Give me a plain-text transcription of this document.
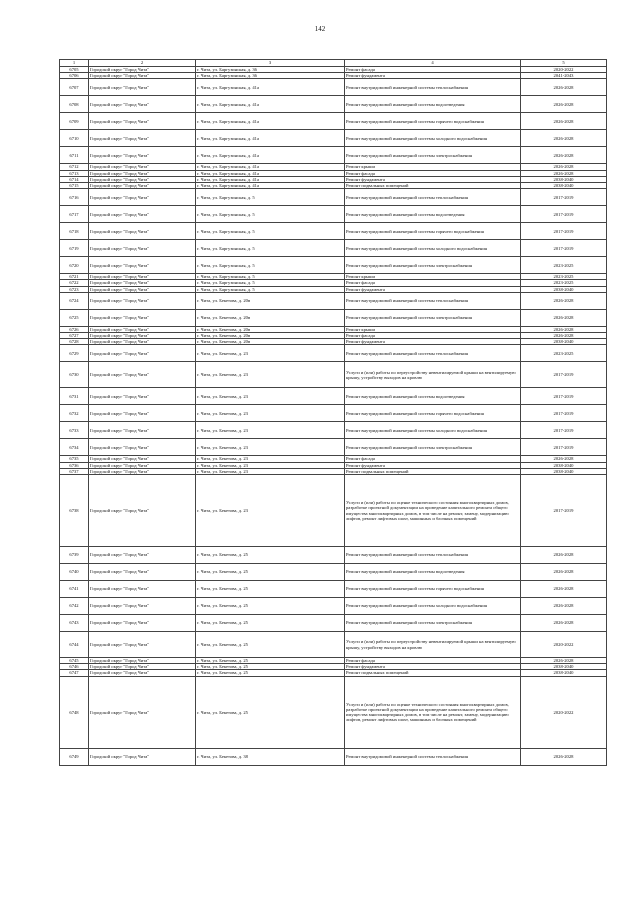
142
1	2	3	4	5
6705	Городской округ "Город Чита"	г. Чита, ул. Баргузинская, д. 36	Ремонт фасада	2020-2022
6706	Городской округ "Город Чита"	г. Чита, ул. Баргузинская, д. 36	Ремонт фундамента	2041-2043
6707	Городской округ "Город Чита"	г. Чита, ул. Баргузинская, д. 41а	Ремонт внутридомовой инженерной системы теплоснабжения	2026-2028
6708	Городской округ "Город Чита"	г. Чита, ул. Баргузинская, д. 41а	Ремонт внутридомовой инженерной системы водоотведения	2026-2028
6709	Городской округ "Город Чита"	г. Чита, ул. Баргузинская, д. 41а	Ремонт внутридомовой инженерной системы горячего водоснабжения	2026-2028
6710	Городской округ "Город Чита"	г. Чита, ул. Баргузинская, д. 41а	Ремонт внутридомовой инженерной системы холодного водоснабжения	2026-2028
6711	Городской округ "Город Чита"	г. Чита, ул. Баргузинская, д. 41а	Ремонт внутридомовой инженерной системы электроснабжения	2026-2028
6712	Городской округ "Город Чита"	г. Чита, ул. Баргузинская, д. 41а	Ремонт крыши	2026-2028
6713	Городской округ "Город Чита"	г. Чита, ул. Баргузинская, д. 41а	Ремонт фасада	2026-2028
6714	Городской округ "Город Чита"	г. Чита, ул. Баргузинская, д. 41а	Ремонт фундамента	2038-2040
6715	Городской округ "Город Чита"	г. Чита, ул. Баргузинская, д. 41а	Ремонт подвальных помещений	2038-2040
6716	Городской округ "Город Чита"	г. Чита, ул. Баргузинская, д. 5	Ремонт внутридомовой инженерной системы теплоснабжения	2017-2019
6717	Городской округ "Город Чита"	г. Чита, ул. Баргузинская, д. 5	Ремонт внутридомовой инженерной системы водоотведения	2017-2019
6718	Городской округ "Город Чита"	г. Чита, ул. Баргузинская, д. 5	Ремонт внутридомовой инженерной системы горячего водоснабжения	2017-2019
6719	Городской округ "Город Чита"	г. Чита, ул. Баргузинская, д. 5	Ремонт внутридомовой инженерной системы холодного водоснабжения	2017-2019
6720	Городской округ "Город Чита"	г. Чита, ул. Баргузинская, д. 5	Ремонт внутридомовой инженерной системы электроснабжения	2023-2025
6721	Городской округ "Город Чита"	г. Чита, ул. Баргузинская, д. 5	Ремонт крыши	2023-2025
6722	Городской округ "Город Чита"	г. Чита, ул. Баргузинская, д. 5	Ремонт фасада	2023-2025
6723	Городской округ "Город Чита"	г. Чита, ул. Баргузинская, д. 5	Ремонт фундамента	2038-2040
6724	Городской округ "Город Чита"	г. Чита, ул. Бекетова, д. 20в	Ремонт внутридомовой инженерной системы теплоснабжения	2026-2028
6725	Городской округ "Город Чита"	г. Чита, ул. Бекетова, д. 20в	Ремонт внутридомовой инженерной системы электроснабжения	2026-2028
6726	Городской округ "Город Чита"	г. Чита, ул. Бекетова, д. 20в	Ремонт крыши	2026-2028
6727	Городской округ "Город Чита"	г. Чита, ул. Бекетова, д. 20в	Ремонт фасада	2026-2028
6728	Городской округ "Город Чита"	г. Чита, ул. Бекетова, д. 20в	Ремонт фундамента	2038-2040
6729	Городской округ "Город Чита"	г. Чита, ул. Бекетова, д. 23	Ремонт внутридомовой инженерной системы теплоснабжения	2023-2025
6730	Городской округ "Город Чита"	г. Чита, ул. Бекетова, д. 23	Услуги и (или) работы по переустройству невентилируемой крыши на вентилируемую крышу, устройству выходов на кровлю	2017-2019
6731	Городской округ "Город Чита"	г. Чита, ул. Бекетова, д. 23	Ремонт внутридомовой инженерной системы водоотведения	2017-2019
6732	Городской округ "Город Чита"	г. Чита, ул. Бекетова, д. 23	Ремонт внутридомовой инженерной системы горячего водоснабжения	2017-2019
6733	Городской округ "Город Чита"	г. Чита, ул. Бекетова, д. 23	Ремонт внутридомовой инженерной системы холодного водоснабжения	2017-2019
6734	Городской округ "Город Чита"	г. Чита, ул. Бекетова, д. 23	Ремонт внутридомовой инженерной системы электроснабжения	2017-2019
6735	Городской округ "Город Чита"	г. Чита, ул. Бекетова, д. 23	Ремонт фасада	2026-2028
6736	Городской округ "Город Чита"	г. Чита, ул. Бекетова, д. 23	Ремонт фундамента	2038-2040
6737	Городской округ "Город Чита"	г. Чита, ул. Бекетова, д. 23	Ремонт подвальных помещений	2038-2040
6738	Городской округ "Город Чита"	г. Чита, ул. Бекетова, д. 23	Услуги и (или) работы по оценке технического состояния многоквартирных домов, разработке проектной документации на проведение капитального ремонта общего имущества многоквартирных домов, в том числе на ремонт, замену, модернизацию лифтов, ремонт лифтовых шахт, машинных и блочных помещений	2017-2019
6739	Городской округ "Город Чита"	г. Чита, ул. Бекетова, д. 25	Ремонт внутридомовой инженерной системы теплоснабжения	2026-2028
6740	Городской округ "Город Чита"	г. Чита, ул. Бекетова, д. 25	Ремонт внутридомовой инженерной системы водоотведения	2026-2028
6741	Городской округ "Город Чита"	г. Чита, ул. Бекетова, д. 25	Ремонт внутридомовой инженерной системы горячего водоснабжения	2026-2028
6742	Городской округ "Город Чита"	г. Чита, ул. Бекетова, д. 25	Ремонт внутридомовой инженерной системы холодного водоснабжения	2026-2028
6743	Городской округ "Город Чита"	г. Чита, ул. Бекетова, д. 25	Ремонт внутридомовой инженерной системы электроснабжения	2026-2028
6744	Городской округ "Город Чита"	г. Чита, ул. Бекетова, д. 25	Услуги и (или) работы по переустройству невентилируемой крыши на вентилируемую крышу, устройству выходов на кровлю	2020-2022
6745	Городской округ "Город Чита"	г. Чита, ул. Бекетова, д. 25	Ремонт фасада	2026-2028
6746	Городской округ "Город Чита"	г. Чита, ул. Бекетова, д. 25	Ремонт фундамента	2038-2040
6747	Городской округ "Город Чита"	г. Чита, ул. Бекетова, д. 25	Ремонт подвальных помещений	2038-2040
6748	Городской округ "Город Чита"	г. Чита, ул. Бекетова, д. 25	Услуги и (или) работы по оценке технического состояния многоквартирных домов, разработке проектной документации на проведение капитального ремонта общего имущества многоквартирных домов, в том числе на ремонт, замену, модернизацию лифтов, ремонт лифтовых шахт, машинных и блочных помещений	2020-2022
6749	Городской округ "Город Чита"	г. Чита, ул. Бекетова, д. 38	Ремонт внутридомовой инженерной системы теплоснабжения	2026-2028
